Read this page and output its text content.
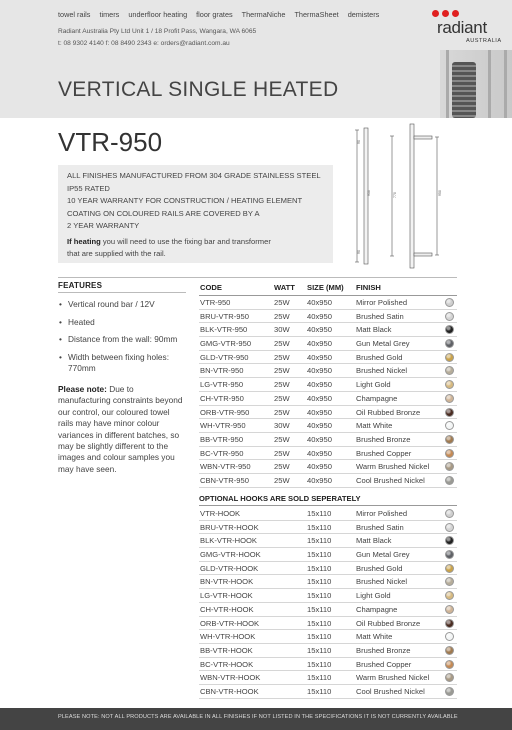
towel rails timers underfloor heating floor grates ThermaNiche ThermaSheet demisters
Radiant Australia Pty Ltd Unit 1 / 18 Profit Pass, Wangara, WA 6065
t: 08 9302 4140 f: 08 8490 2343 e: orders@radiant.com.au
VERTICAL SINGLE HEATED
radiant
AUSTRALIA
VTR-950
ALL FINISHES MANUFACTURED FROM 304 GRADE STAINLESS STEEL
IP55 RATED
10 YEAR WARRANTY FOR CONSTRUCTION / HEATING ELEMENT
COATING ON COLOURED RAILS ARE COVERED BY A
2 YEAR WARRANTY
If heating you will need to use the fixing bar and transformer
that are supplied with the rail.
950	770	950
90
90
FEATURES
• Vertical round bar / 12V
• Heated
• Distance from the wall: 90mm
• Width between fixing holes: 770mm
Please note: Due to manufacturing constraints beyond our control, our coloured towel rails may have minor colour variances in different batches, so may be slightly different to the images and colour samples you may have seen.
CODE	WATT SIZE (MM) FINISH
VTR-950	25W 40x950	Mirror Polished
BRU-VTR-950	25W 40x950	Brushed Satin
BLK-VTR-950	30W 40x950	Matt Black
GMG-VTR-950	25W 40x950	Gun Metal Grey
GLD-VTR-950	25W 40x950	Brushed Gold
BN-VTR-950	25W 40x950	Brushed Nickel
LG-VTR-950	25W 40x950	Light Gold
CH-VTR-950	25W 40x950	Champagne
ORB-VTR-950	25W 40x950	Oil Rubbed Bronze
WH-VTR-950	30W 40x950	Matt White
BB-VTR-950	25W 40x950	Brushed Bronze
BC-VTR-950	25W 40x950	Brushed Copper
WBN-VTR-950	25W 40x950	Warm Brushed Nickel
CBN-VTR-950	25W 40x950	Cool Brushed Nickel
OPTIONAL HOOKS ARE SOLD SEPERATELY
VTR-HOOK	15x110	Mirror Polished
BRU-VTR-HOOK	15x110	Brushed Satin
BLK-VTR-HOOK	15x110	Matt Black
GMG-VTR-HOOK	15x110	Gun Metal Grey
GLD-VTR-HOOK	15x110	Brushed Gold
BN-VTR-HOOK	15x110	Brushed Nickel
LG-VTR-HOOK	15x110	Light Gold
CH-VTR-HOOK	15x110	Champagne
ORB-VTR-HOOK	15x110	Oil Rubbed Bronze
WH-VTR-HOOK	15x110	Matt White
BB-VTR-HOOK	15x110	Brushed Bronze
BC-VTR-HOOK	15x110	Brushed Copper
WBN-VTR-HOOK	15x110	Warm Brushed Nickel
CBN-VTR-HOOK	15x110	Cool Brushed Nickel
PLEASE NOTE: NOT ALL PRODUCTS ARE AVAILABLE IN ALL FINISHES IF NOT LISTED IN THE SPECIFICATIONS IT IS NOT CURRENTLY AVAILABLE
